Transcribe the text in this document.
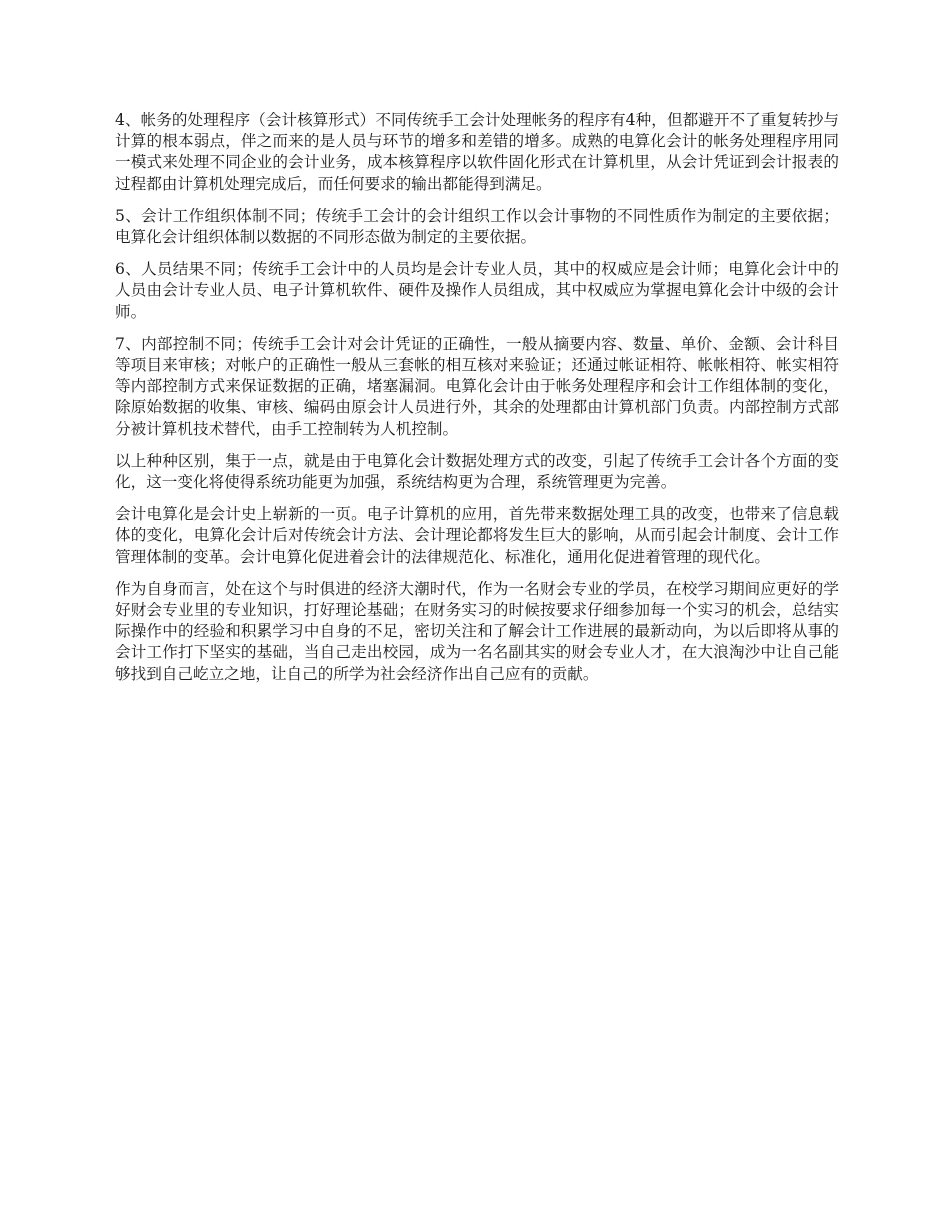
4、帐务的处理程序（会计核算形式）不同传统手工会计处理帐务的程序有4种，但都避开不了重复转抄与计算的根本弱点，伴之而来的是人员与环节的增多和差错的增多。成熟的电算化会计的帐务处理程序用同一模式来处理不同企业的会计业务，成本核算程序以软件固化形式在计算机里，从会计凭证到会计报表的过程都由计算机处理完成后，而任何要求的输出都能得到满足。

5、会计工作组织体制不同；传统手工会计的会计组织工作以会计事物的不同性质作为制定的主要依据；电算化会计组织体制以数据的不同形态做为制定的主要依据。

6、人员结果不同；传统手工会计中的人员均是会计专业人员，其中的权威应是会计师；电算化会计中的人员由会计专业人员、电子计算机软件、硬件及操作人员组成，其中权威应为掌握电算化会计中级的会计师。

7、内部控制不同；传统手工会计对会计凭证的正确性，一般从摘要内容、数量、单价、金额、会计科目等项目来审核；对帐户的正确性一般从三套帐的相互核对来验证；还通过帐证相符、帐帐相符、帐实相符等内部控制方式来保证数据的正确，堵塞漏洞。电算化会计由于帐务处理程序和会计工作组体制的变化，除原始数据的收集、审核、编码由原会计人员进行外，其余的处理都由计算机部门负责。内部控制方式部分被计算机技术替代，由手工控制转为人机控制。

以上种种区别，集于一点，就是由于电算化会计数据处理方式的改变，引起了传统手工会计各个方面的变化，这一变化将使得系统功能更为加强，系统结构更为合理，系统管理更为完善。

会计电算化是会计史上崭新的一页。电子计算机的应用，首先带来数据处理工具的改变，也带来了信息载体的变化，电算化会计后对传统会计方法、会计理论都将发生巨大的影响，从而引起会计制度、会计工作管理体制的变革。会计电算化促进着会计的法律规范化、标准化，通用化促进着管理的现代化。

作为自身而言，处在这个与时俱进的经济大潮时代，作为一名财会专业的学员，在校学习期间应更好的学好财会专业里的专业知识，打好理论基础；在财务实习的时候按要求仔细参加每一个实习的机会，总结实际操作中的经验和积累学习中自身的不足，密切关注和了解会计工作进展的最新动向，为以后即将从事的会计工作打下坚实的基础，当自己走出校园，成为一名名副其实的财会专业人才，在大浪淘沙中让自己能够找到自己屹立之地，让自己的所学为社会经济作出自己应有的贡献。
